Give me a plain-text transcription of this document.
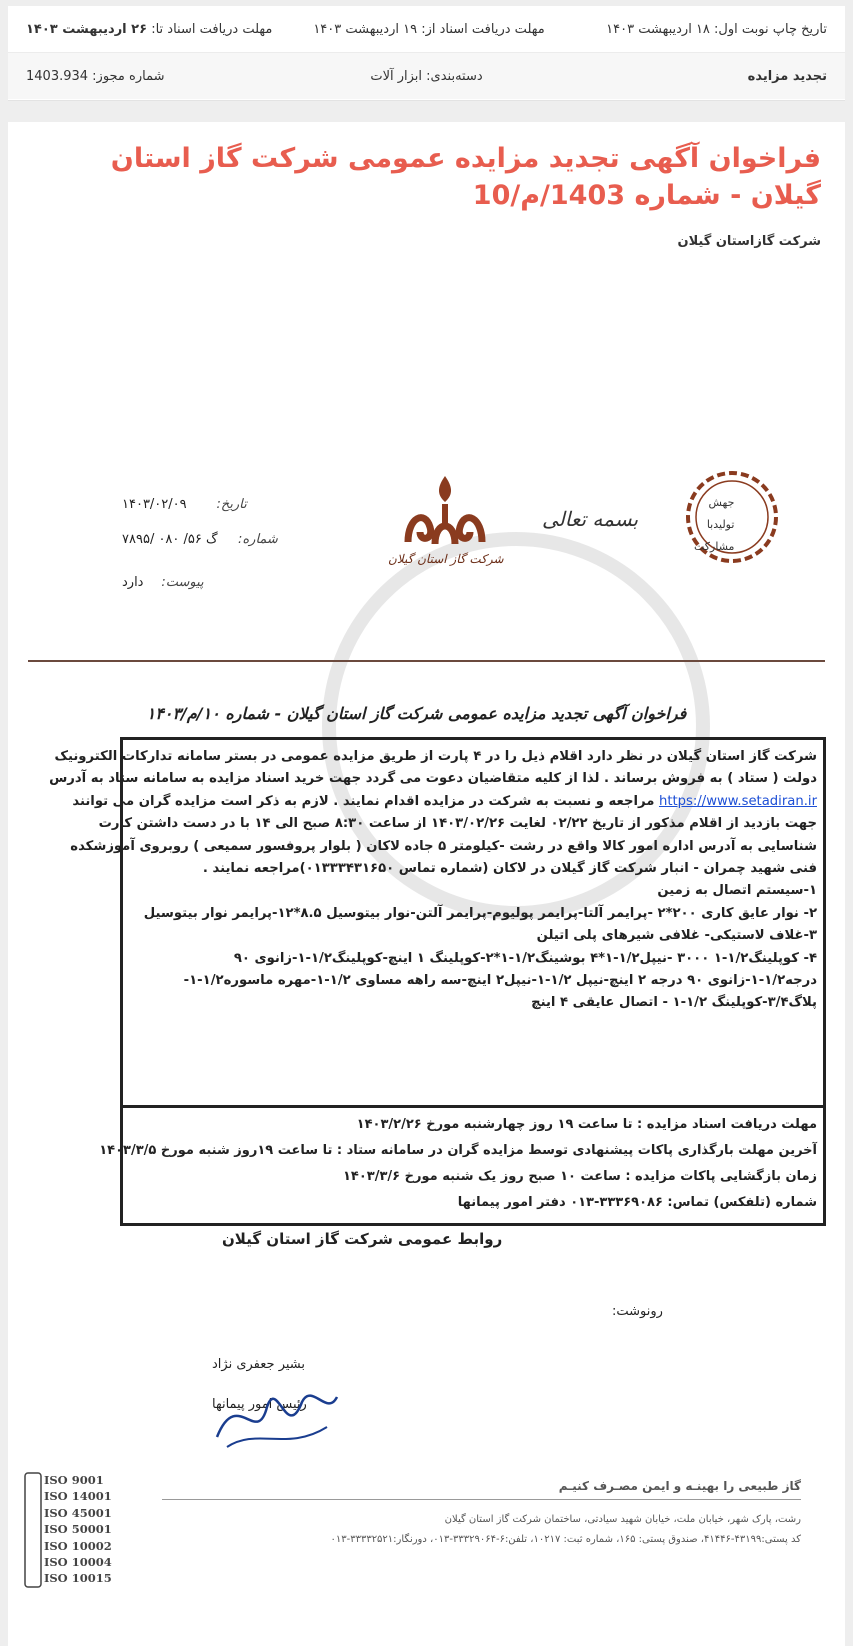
تاریخ چاپ نوبت اول: ۱۸ اردیبهشت ۱۴۰۳
مهلت دریافت اسناد از: ۱۹ اردیبهشت ۱۴۰۳
مهلت دریافت اسناد تا: ۲۶ اردیبهشت ۱۴۰۳
تجدید مزایده
دسته‌بندی: ابزار آلات
شماره مجوز: 1403.934
فراخوان آگهی تجدید مزایده عمومی شرکت گاز استان گیلان - شماره 1403/م/10
شرکت گازاستان گیلان
جهش
تولیدبا
مشارکت
بسمه تعالی
شرکت گاز استان گیلان
تاریخ: ۱۴۰۳/۰۲/۰۹
شماره: گ ۵۶/ ۰۸۰ /۷۸۹۵
پیوست: دارد
فراخوان آگهی تجدید مزایده عمومی شرکت گاز استان گیلان - شماره ۱۰/م/۱۴۰۳
شرکت گاز استان گیلان در نظر دارد اقلام ذیل را در ۴ پارت از طریق مزایده عمومی در بستر سامانه تدارکات الکترونیک
دولت ( ستاد ) به فروش برساند . لذا از کلیه متقاضیان دعوت می گردد جهت خرید اسناد مزایده به سامانه ستاد به آدرس
https://www.setadiran.ir مراجعه و نسبت به شرکت در مزایده اقدام نمایند . لازم به ذکر است مزایده گران می توانند
جهت بازدید از اقلام مذکور از تاریخ ۰۲/۲۲ لغایت ۱۴۰۳/۰۲/۲۶ از ساعت ۸:۳۰ صبح الی ۱۴ با در دست داشتن کارت
شناسایی به آدرس اداره امور کالا واقع در رشت -کیلومتر ۵ جاده لاکان ( بلوار پروفسور سمیعی ) روبروی آموزشکده
فنی شهید چمران - انبار شرکت گاز گیلان در لاکان (شماره تماس ۰۱۳۳۳۴۳۱۶۵۰)مراجعه نمایند .
۱-سیستم اتصال به زمین
۲- نوار عایق کاری ۲۰۰*۲ -پرایمر آلتا-پرایمر پولیوم-پرایمر آلتن-نوار بیتوسیل ۸.۵*۱۲-پرایمر نوار بیتوسیل
۳-غلاف لاستیکی- غلافی شیرهای پلی اتیلن
۴- کوپلینگ۱/۲-۱ ۳۰۰۰ -نیپل۱/۲-۱*۴ بوشینگ۱/۲-۱*۲-کوپلینگ ۱ اینچ-کوپلینگ۱/۲-۱-زانوی ۹۰
درجه۱/۲-۱-زانوی ۹۰ درجه ۲ اینچ-نیپل ۱/۲-۱-نیپل۲ اینچ-سه راهه مساوی ۱/۲-۱-مهره ماسوره۱/۲-۱-
پلاگ۳/۴-کوپلینگ ۱/۲-۱ - اتصال عایقی ۴ اینچ
مهلت دریافت اسناد مزایده : تا ساعت ۱۹ روز چهارشنبه مورخ ۱۴۰۳/۲/۲۶
آخرین مهلت بارگذاری پاکات پیشنهادی توسط مزایده گران در سامانه ستاد : تا ساعت ۱۹روز شنبه مورخ ۱۴۰۳/۳/۵
زمان بازگشایی پاکات مزایده : ساعت ۱۰ صبح روز یک شنبه مورخ ۱۴۰۳/۳/۶
شماره (تلفکس) تماس: ۳۳۳۶۹۰۸۶-۰۱۳ دفتر امور پیمانها
روابط عمومی شرکت گاز استان گیلان
رونوشت:
بشیر جعفری نژاد
رئیس امور پیمانها
ISO 9001
ISO 14001
ISO 45001
ISO 50001
ISO 10002
ISO 10004
ISO 10015
گاز طبیعی را بهینـه و ایمن مصـرف کنیـم
رشت، پارک شهر، خیابان ملت، خیابان شهید سیادتی، ساختمان شرکت گاز استان گیلان
کد پستی:۴۳۱۹۹-۴۱۴۴۶، صندوق پستی: ۱۶۵، شماره ثبت: ۱۰۲۱۷، تلفن:۶-۳۳۳۲۹۰۶۴-۰۱۳، دورنگار:۳۳۳۳۲۵۲۱-۰۱۳
